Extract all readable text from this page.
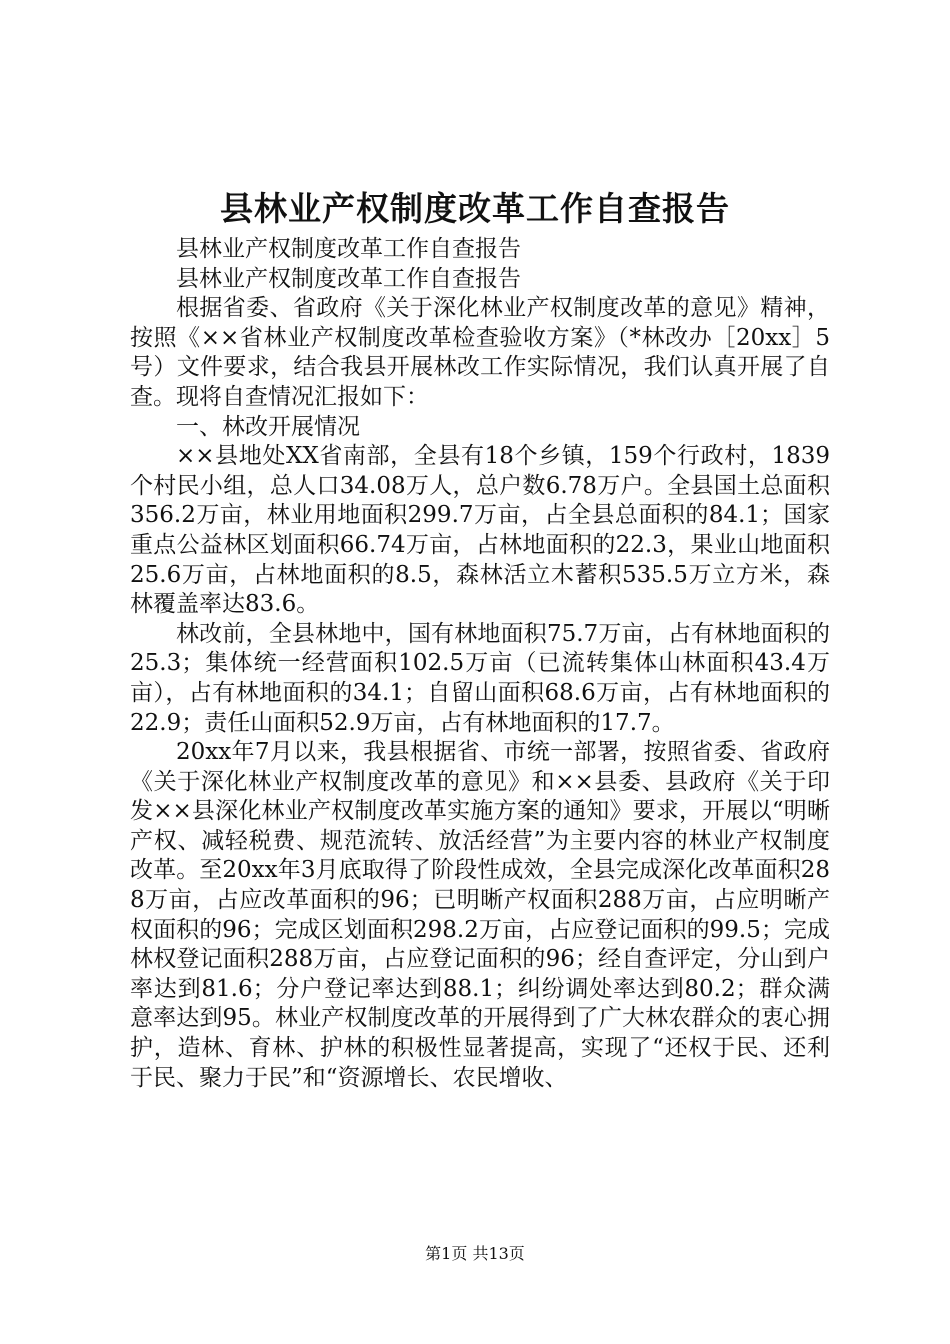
县林业产权制度改革工作自查报告

县林业产权制度改革工作自查报告

县林业产权制度改革工作自查报告

根据省委、省政府《关于深化林业产权制度改革的意见》精神，按照《××省林业产权制度改革检查验收方案》（*林改办［20xx］5号）文件要求，结合我县开展林改工作实际情况，我们认真开展了自查。现将自查情况汇报如下：

一、林改开展情况

××县地处XX省南部，全县有18个乡镇，159个行政村，1839个村民小组，总人口34.08万人，总户数6.78万户。全县国土总面积356.2万亩，林业用地面积299.7万亩，占全县总面积的84.1；国家重点公益林区划面积66.74万亩，占林地面积的22.3，果业山地面积25.6万亩，占林地面积的8.5，森林活立木蓄积535.5万立方米，森林覆盖率达83.6。

林改前，全县林地中，国有林地面积75.7万亩，占有林地面积的25.3；集体统一经营面积102.5万亩（已流转集体山林面积43.4万亩），占有林地面积的34.1；自留山面积68.6万亩，占有林地面积的22.9；责任山面积52.9万亩，占有林地面积的17.7。

20xx年7月以来，我县根据省、市统一部署，按照省委、省政府《关于深化林业产权制度改革的意见》和××县委、县政府《关于印发××县深化林业产权制度改革实施方案的通知》要求，开展以“明晰产权、减轻税费、规范流转、放活经营”为主要内容的林业产权制度改革。至20xx年3月底取得了阶段性成效，全县完成深化改革面积288万亩，占应改革面积的96；已明晰产权面积288万亩，占应明晰产权面积的96；完成区划面积298.2万亩，占应登记面积的99.5；完成林权登记面积288万亩，占应登记面积的96；经自查评定，分山到户率达到81.6；分户登记率达到88.1；纠纷调处率达到80.2；群众满意率达到95。林业产权制度改革的开展得到了广大林农群众的衷心拥护，造林、育林、护林的积极性显著提高，实现了“还权于民、还利于民、聚力于民”和“资源增长、农民增收、

第1页 共13页
